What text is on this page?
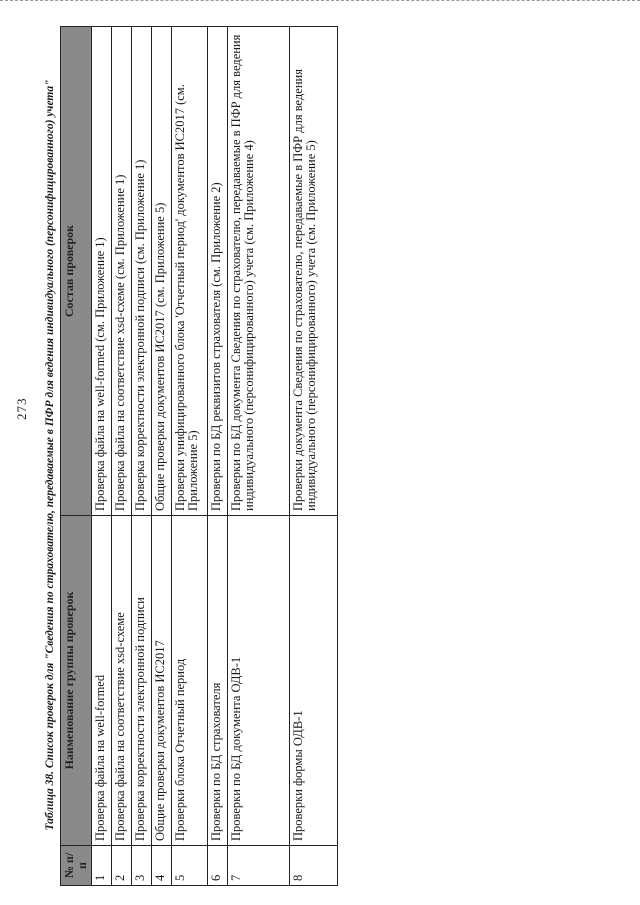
273	Таблица 38. Список проверок для "Сведения по страхователю, передаваемые в ПФР для ведения индивидуального (персонифицированного) учета"
№ п/п	Наименование группы проверок	Состав проверок
1	Проверка файла на well-formed	Проверка файла на well-formed (см. Приложение 1)
2	Проверка файла на соответствие xsd-схеме	Проверка файла на соответствие xsd-схеме (см. Приложение 1)
3	Проверка корректности электронной подписи	Проверка корректности электронной подписи (см. Приложение 1)
4	Общие проверки документов ИС2017	Общие проверки документов ИС2017 (см. Приложение 5)
5	Проверки блока Отчетный период	Проверки унифицированного блока 'Отчетный период' документов ИС2017 (см. Приложение 5)
6	Проверки по БД страхователя	Проверки по БД реквизитов страхователя (см. Приложение 2)
7	Проверки по БД документа ОДВ-1	Проверки по БД документа Сведения по страхователю, передаваемые в ПФР для ведения индивидуального (персонифицированного) учета (см. Приложение 4)
8	Проверки формы ОДВ-1	Проверки документа Сведения по страхователю, передаваемые в ПФР для ведения индивидуального (персонифицированного) учета (см. Приложение 5)
